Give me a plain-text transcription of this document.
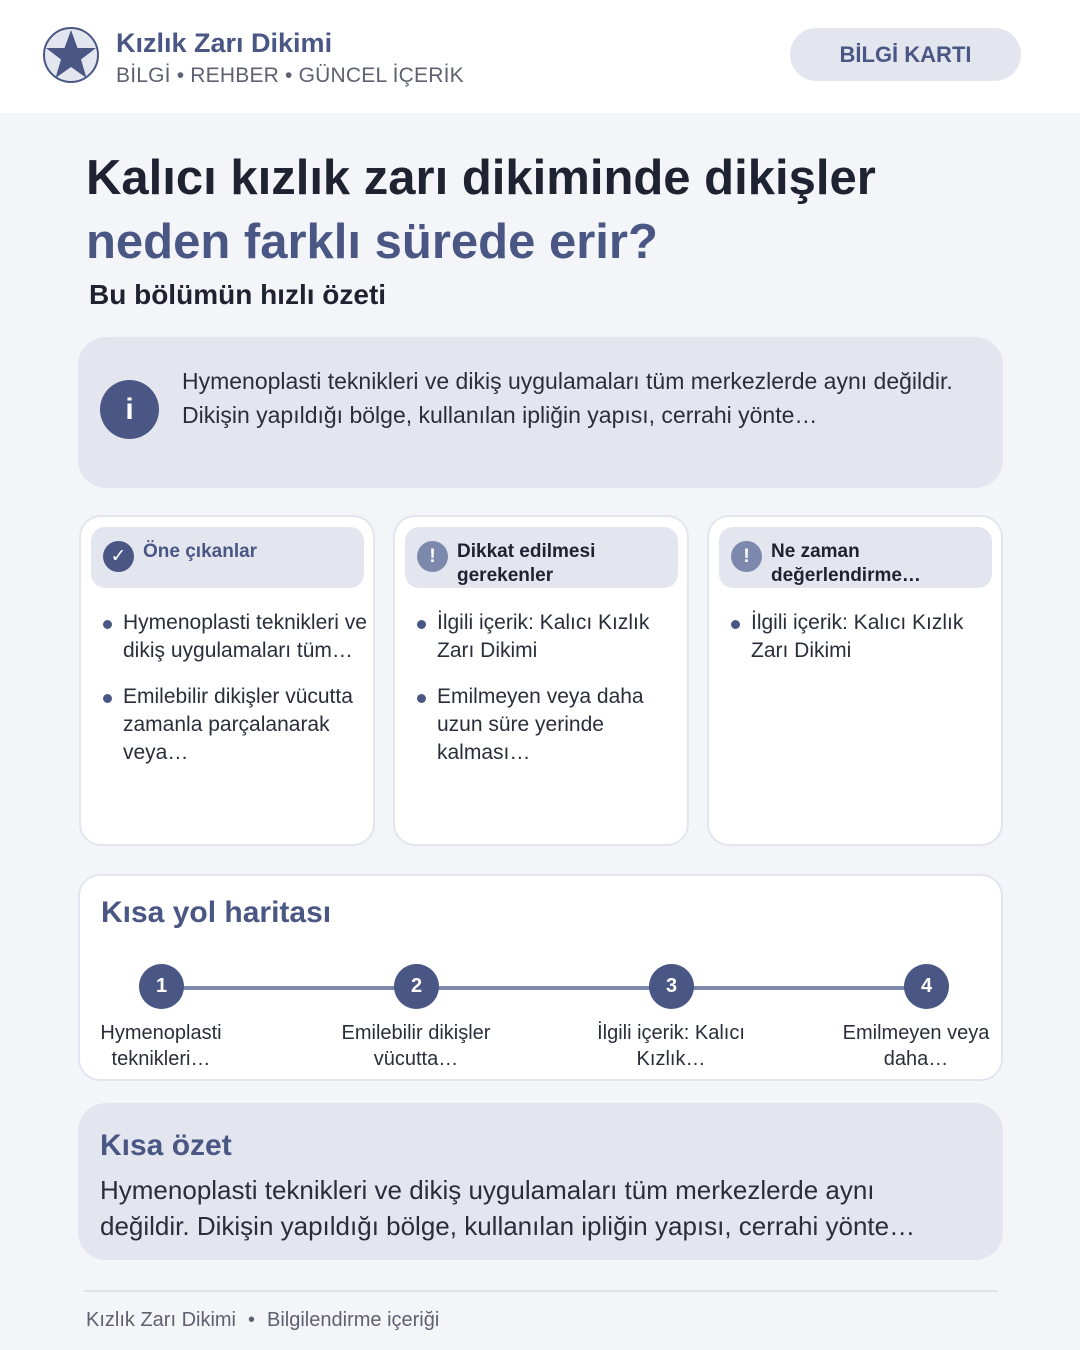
Kızlık Zarı Dikimi
BİLGİ • REHBER • GÜNCEL İÇERİK
BİLGİ KARTI
Kalıcı kızlık zarı dikiminde dikişler
neden farklı sürede erir?
Bu bölümün hızlı özeti
i

Hymenoplasti teknikleri ve dikiş uygulamaları tüm merkezlerde aynı değildir. Dikişin yapıldığı bölge, kullanılan ipliğin yapısı, cerrahi yönte…

✓ Öne çıkanlar
Hymenoplasti teknikleri ve dikiş uygulamaları tüm…
Emilebilir dikişler vücutta zamanla parçalanarak veya…
!	Dikkat edilmesi gerekenler
İlgili içerik: Kalıcı Kızlık Zarı Dikimi
Emilmeyen veya daha uzun süre yerinde kalması…
!	Ne zaman değerlendirme…
İlgili içerik: Kalıcı Kızlık Zarı Dikimi
Kısa yol haritası
1	2	3	4
Hymenoplasti teknikleri…
Emilebilir dikişler vücutta…
İlgili içerik: Kalıcı Kızlık…
Emilmeyen veya daha…
Kısa özet

Hymenoplasti teknikleri ve dikiş uygulamaları tüm merkezlerde aynı değildir. Dikişin yapıldığı bölge, kullanılan ipliğin yapısı, cerrahi yönte…

Kızlık Zarı Dikimi • Bilgilendirme içeriği
